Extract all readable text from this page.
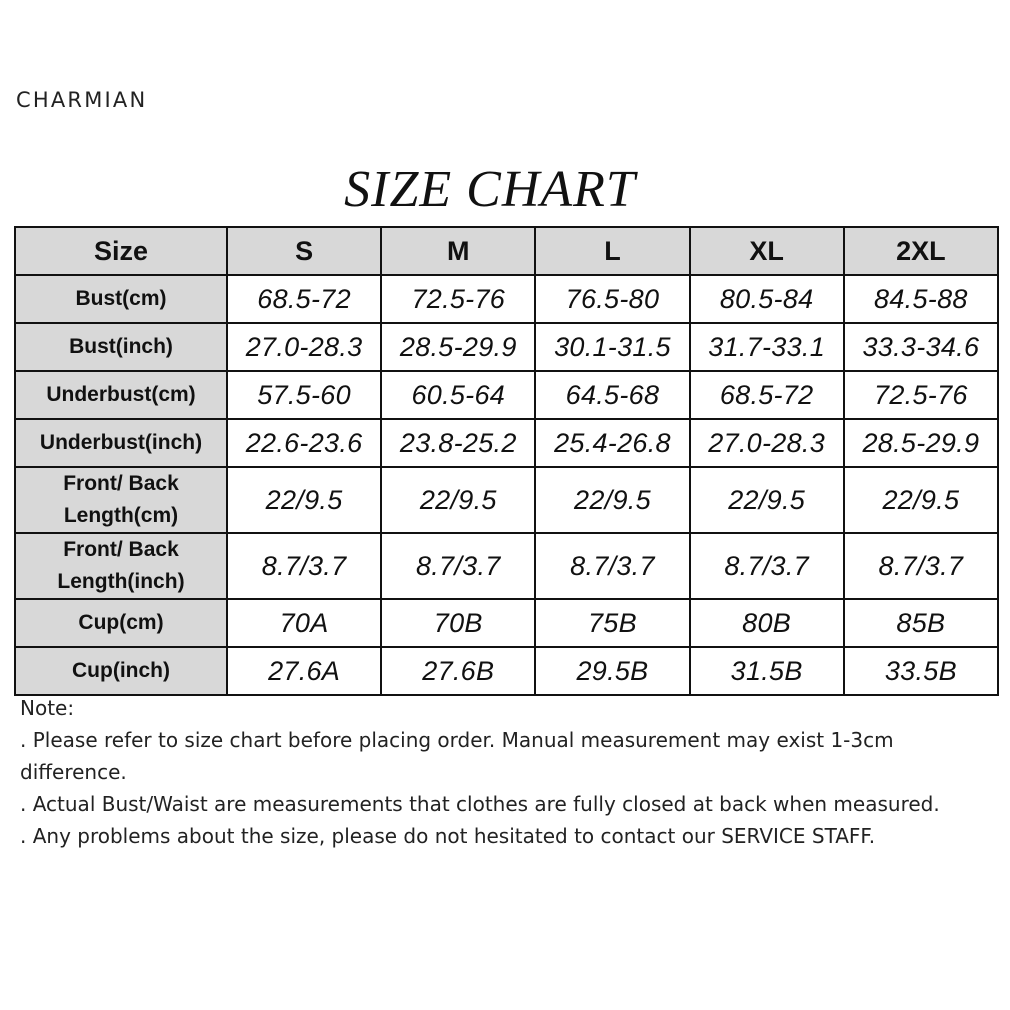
CHARMIAN
SIZE CHART
Size	S	M	L	XL	2XL
Bust(cm)	68.5-72	72.5-76	76.5-80	80.5-84	84.5-88
Bust(inch)	27.0-28.3	28.5-29.9	30.1-31.5	31.7-33.1	33.3-34.6
Underbust(cm)	57.5-60	60.5-64	64.5-68	68.5-72	72.5-76
Underbust(inch)	22.6-23.6	23.8-25.2	25.4-26.8	27.0-28.3	28.5-29.9
Front/ Back Length(cm)	22/9.5	22/9.5	22/9.5	22/9.5	22/9.5
Front/ Back Length(inch)	8.7/3.7	8.7/3.7	8.7/3.7	8.7/3.7	8.7/3.7
Cup(cm)	70A	70B	75B	80B	85B
Cup(inch)	27.6A	27.6B	29.5B	31.5B	33.5B

Note:

. Please refer to size chart before placing order. Manual measurement may exist 1-3cm difference.

. Actual Bust/Waist are measurements that clothes are fully closed at back when measured.

. Any problems about the size, please do not hesitated to contact our SERVICE STAFF.
